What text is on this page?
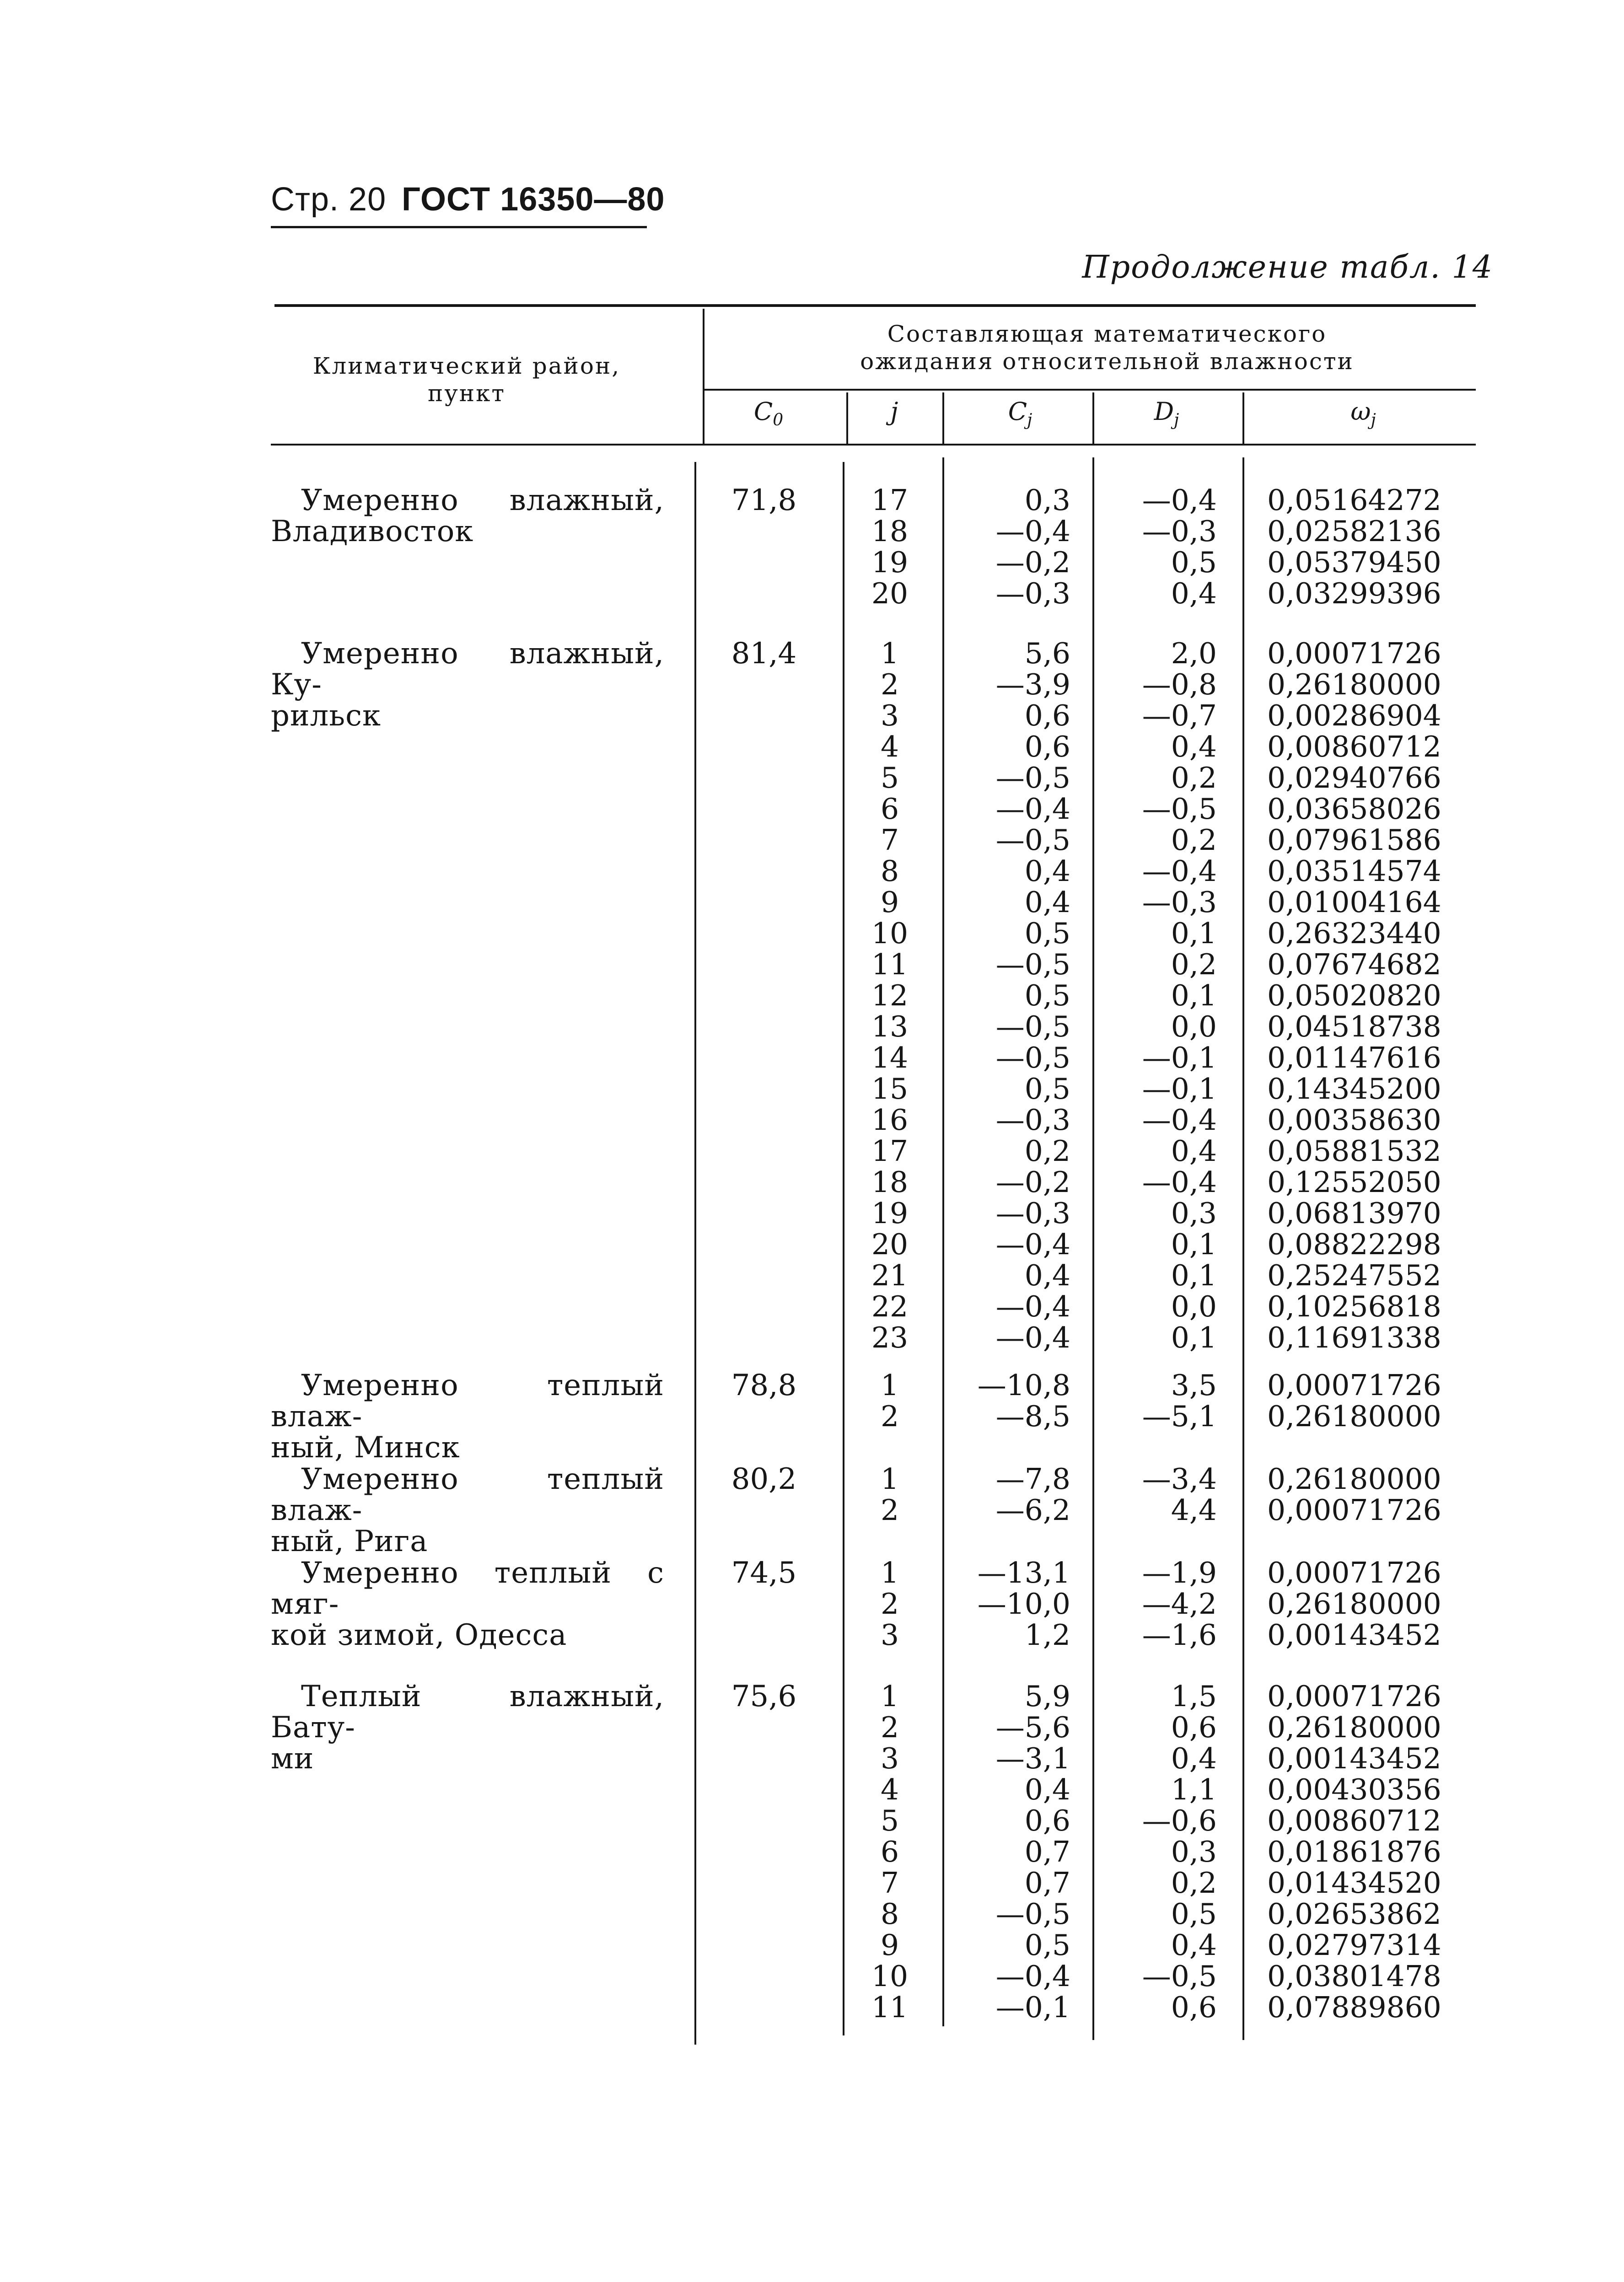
Стр. 20 ГОСТ 16350—80
Продолжение табл. 14
Климатический район, пункт
Составляющая математического ожидания относительной влажности
$C_0$	j	$C_j$	$D_j$	$\omega_j$
Умеренно влажный,
Владивосток
71,8	17	0,3	—0,4 0,05164272
18	—0,4	—0,3 0,02582136
19	—0,2	0,5 0,05379450
20	—0,3	0,4 0,03299396
Умеренно влажный, Ку-
рильск
81,4	1	5,6	2,0 0,00071726
2	—3,9	—0,8 0,26180000
3	0,6	—0,7 0,00286904
4	0,6	0,4 0,00860712
5	—0,5	0,2 0,02940766
6	—0,4	—0,5 0,03658026
7	—0,5	0,2 0,07961586
8	0,4	—0,4 0,03514574
9	0,4	—0,3 0,01004164
10	0,5	0,1 0,26323440
11	—0,5	0,2 0,07674682
12	0,5	0,1 0,05020820
13	—0,5	0,0 0,04518738
14	—0,5	—0,1 0,01147616
15	0,5	—0,1 0,14345200
16	—0,3	—0,4 0,00358630
17	0,2	0,4 0,05881532
18	—0,2	—0,4 0,12552050
19	—0,3	0,3 0,06813970
20	—0,4	0,1 0,08822298
21	0,4	0,1 0,25247552
22	—0,4	0,0 0,10256818
23	—0,4	0,1 0,11691338
Умеренно теплый влаж-
ный, Минск
78,8	1	—10,8	3,5 0,00071726
2	—8,5	—5,1 0,26180000
Умеренно теплый влаж-
ный, Рига
80,2	1	—7,8	—3,4 0,26180000
2	—6,2	4,4 0,00071726
Умеренно теплый с мяг-
кой зимой, Одесса
74,5	1	—13,1	—1,9 0,00071726
2	—10,0	—4,2 0,26180000
3	1,2	—1,6 0,00143452
Теплый влажный, Бату-
ми
75,6	1	5,9	1,5 0,00071726
2	—5,6	0,6 0,26180000
3	—3,1	0,4 0,00143452
4	0,4	1,1 0,00430356
5	0,6	—0,6 0,00860712
6	0,7	0,3 0,01861876
7	0,7	0,2 0,01434520
8	—0,5	0,5 0,02653862
9	0,5	0,4 0,02797314
10	—0,4	—0,5 0,03801478
11	—0,1	0,6 0,07889860
